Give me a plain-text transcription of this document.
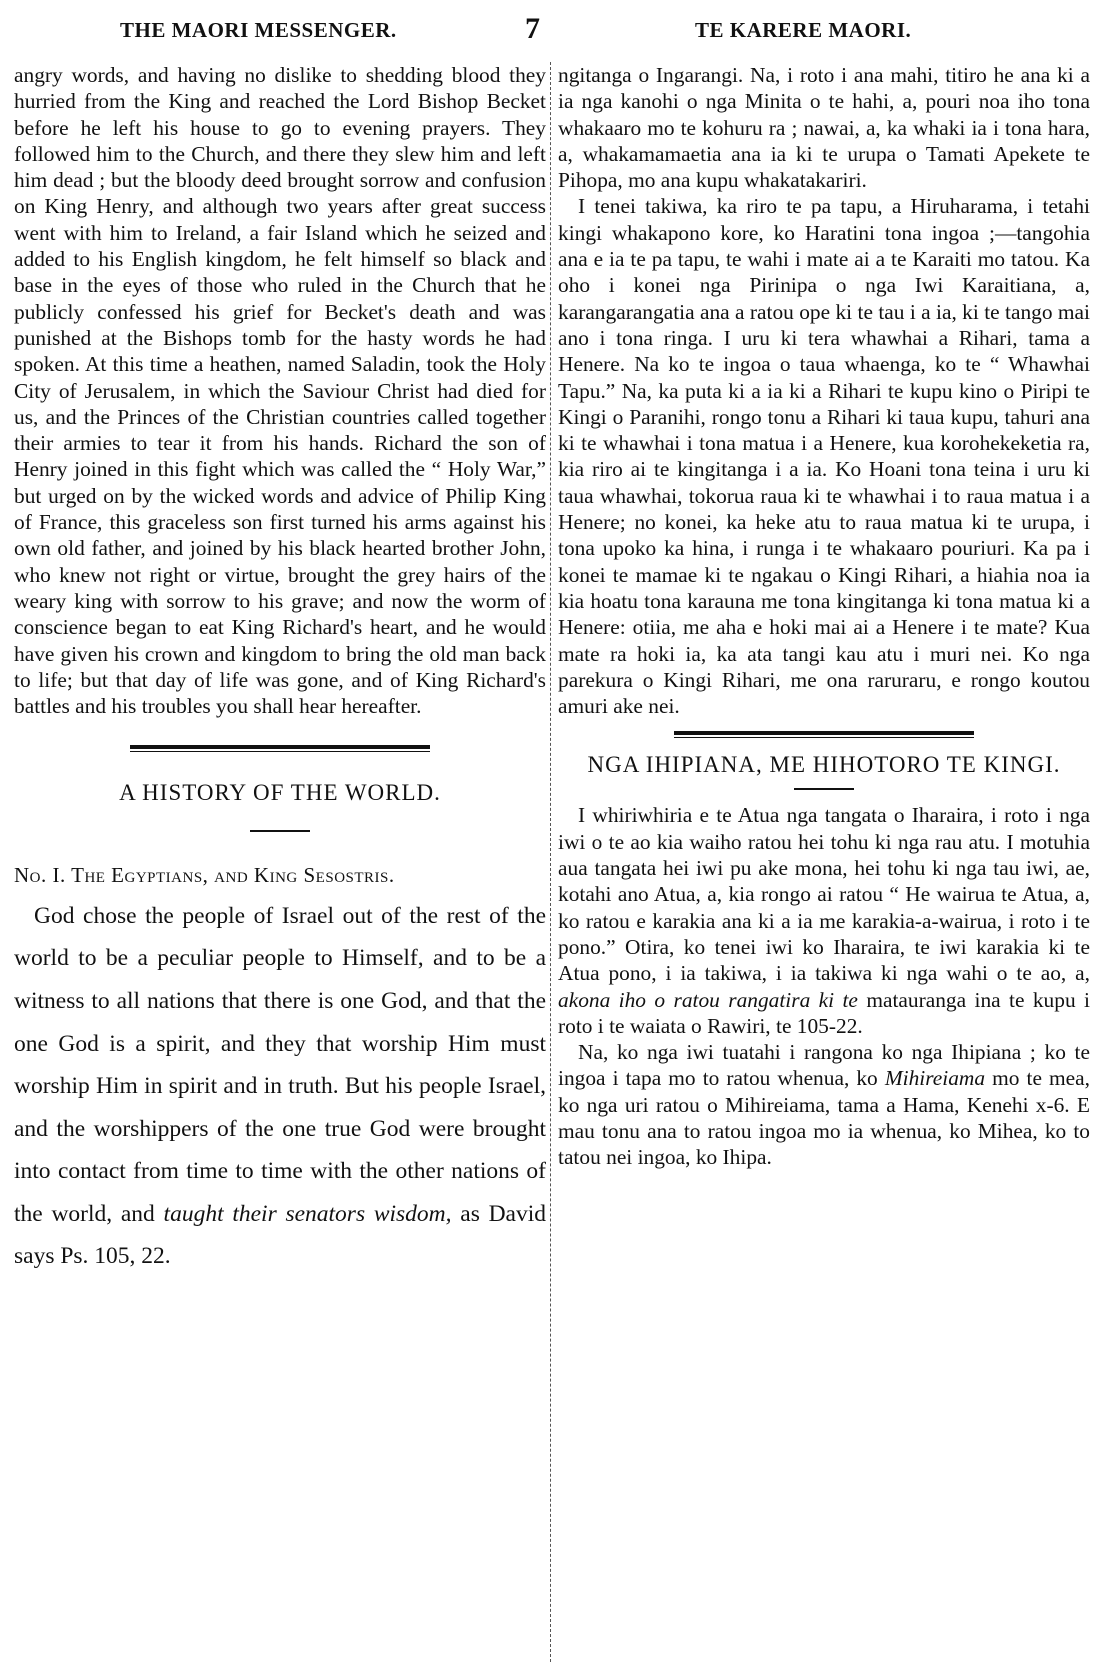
THE MAORI MESSENGER.	7	TE KARERE MAORI.

angry words, and having no dislike to shedding blood they hurried from the King and reached the Lord Bishop Becket before he left his house to go to evening prayers. They followed him to the Church, and there they slew him and left him dead ; but the bloody deed brought sorrow and confusion on King Henry, and although two years after great success went with him to Ireland, a fair Island which he seized and added to his English kingdom, he felt himself so black and base in the eyes of those who ruled in the Church that he publicly confessed his grief for Becket's death and was punished at the Bishops tomb for the hasty words he had spoken. At this time a heathen, named Saladin, took the Holy City of Jerusalem, in which the Saviour Christ had died for us, and the Princes of the Christian countries called together their armies to tear it from his hands. Richard the son of Henry joined in this fight which was called the “ Holy War,” but urged on by the wicked words and advice of Philip King of France, this graceless son first turned his arms against his own old father, and joined by his black hearted brother John, who knew not right or virtue, brought the grey hairs of the weary king with sorrow to his grave; and now the worm of conscience began to eat King Richard's heart, and he would have given his crown and kingdom to bring the old man back to life; but that day of life was gone, and of King Richard's battles and his troubles you shall hear hereafter.

A HISTORY OF THE WORLD.
No. I. The Egyptians, and King Sesostris.

God chose the people of Israel out of the rest of the world to be a peculiar people to Himself, and to be a witness to all nations that there is one God, and that the one God is a spirit, and they that worship Him must worship Him in spirit and in truth. But his people Israel, and the worshippers of the one true God were brought into contact from time to time with the other nations of the world, and taught their senators wisdom, as David says Ps. 105, 22.

ngitanga o Ingarangi. Na, i roto i ana mahi, titiro he ana ki a ia nga kanohi o nga Minita o te hahi, a, pouri noa iho tona whakaaro mo te kohuru ra ; nawai, a, ka whaki ia i tona hara, a, whakamamaetia ana ia ki te urupa o Tamati Apekete te Pihopa, mo ana kupu whakatakariri.

I tenei takiwa, ka riro te pa tapu, a Hiruharama, i tetahi kingi whakapono kore, ko Haratini tona ingoa ;—tangohia ana e ia te pa tapu, te wahi i mate ai a te Karaiti mo tatou. Ka oho i konei nga Pirinipa o nga Iwi Karaitiana, a, karangarangatia ana a ratou ope ki te tau i a ia, ki te tango mai ano i tona ringa. I uru ki tera whawhai a Rihari, tama a Henere. Na ko te ingoa o taua whaenga, ko te “ Whawhai Tapu.” Na, ka puta ki a ia ki a Rihari te kupu kino o Piripi te Kingi o Paranihi, rongo tonu a Rihari ki taua kupu, tahuri ana ki te whawhai i tona matua i a Henere, kua korohekeketia ra, kia riro ai te kingitanga i a ia. Ko Hoani tona teina i uru ki taua whawhai, tokorua raua ki te whawhai i to raua matua i a Henere; no konei, ka heke atu to raua matua ki te urupa, i tona upoko ka hina, i runga i te whakaaro pouriuri. Ka pa i konei te mamae ki te ngakau o Kingi Rihari, a hiahia noa ia kia hoatu tona karauna me tona kingitanga ki tona matua ki a Henere: otiia, me aha e hoki mai ai a Henere i te mate? Kua mate ra hoki ia, ka ata tangi kau atu i muri nei. Ko nga parekura o Kingi Rihari, me ona raruraru, e rongo koutou amuri ake nei.

NGA IHIPIANA, ME HIHOTORO TE KINGI.

I whiriwhiria e te Atua nga tangata o Iharaira, i roto i nga iwi o te ao kia waiho ratou hei tohu ki nga rau atu. I motuhia aua tangata hei iwi pu ake mona, hei tohu ki nga tau iwi, ae, kotahi ano Atua, a, kia rongo ai ratou “ He wairua te Atua, a, ko ratou e karakia ana ki a ia me karakia-a-wairua, i roto i te pono.” Otira, ko tenei iwi ko Iharaira, te iwi karakia ki te Atua pono, i ia takiwa, i ia takiwa ki nga wahi o te ao, a, akona iho o ratou rangatira ki te matauranga ina te kupu i roto i te waiata o Rawiri, te 105-22.

Na, ko nga iwi tuatahi i rangona ko nga Ihipiana ; ko te ingoa i tapa mo to ratou whenua, ko Mihireiama mo te mea, ko nga uri ratou o Mihireiama, tama a Hama, Kenehi x-6. E mau tonu ana to ratou ingoa mo ia whenua, ko Mihea, ko to tatou nei ingoa, ko Ihipa.
